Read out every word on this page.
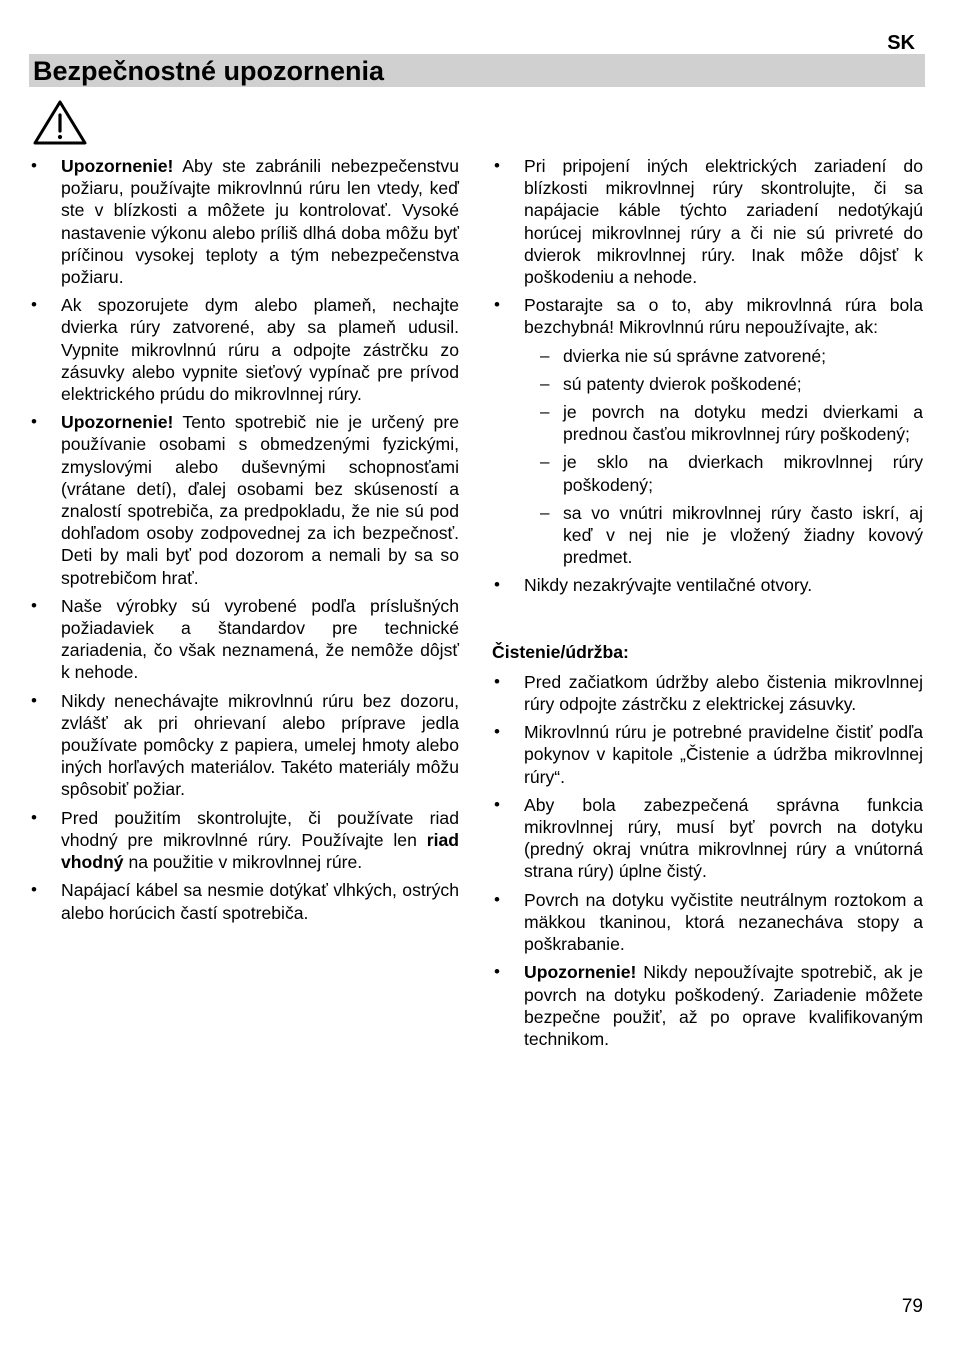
SK
Bezpečnostné upozornenia
• Upozornenie! Aby ste zabránili nebezpečenstvu požiaru, používajte mikrovlnnú rúru len vtedy, keď ste v blízkosti a môžete ju kontrolovať. Vysoké nastavenie výkonu alebo príliš dlhá doba môžu byť príčinou vysokej teploty a tým nebezpečenstva požiaru.
• Ak spozorujete dym alebo plameň, nechajte dvierka rúry zatvorené, aby sa plameň udusil. Vypnite mikrovlnnú rúru a odpojte zástrčku zo zásuvky alebo vypnite sieťový vypínač pre prívod elektrického prúdu do mikrovlnnej rúry.
• Upozornenie! Tento spotrebič nie je určený pre používanie osobami s obmedzenými fyzickými, zmyslovými alebo duševnými schopnosťami (vrátane detí), ďalej osobami bez skúseností a znalostí spotrebiča, za predpokladu, že nie sú pod dohľadom osoby zodpovednej za ich bezpečnosť. Deti by mali byť pod dozorom a nemali by sa so spotrebičom hrať.
• Naše výrobky sú vyrobené podľa príslušných požiadaviek a štandardov pre technické zariadenia, čo však neznamená, že nemôže dôjsť k nehode.
• Nikdy nenechávajte mikrovlnnú rúru bez dozoru, zvlášť ak pri ohrievaní alebo príprave jedla používate pomôcky z papiera, umelej hmoty alebo iných horľavých materiálov. Takéto materiály môžu spôsobiť požiar.
• Pred použitím skontrolujte, či používate riad vhodný pre mikrovlnné rúry. Používajte len riad vhodný na použitie v mikrovlnnej rúre.
• Napájací kábel sa nesmie dotýkať vlhkých, ostrých alebo horúcich častí spotrebiča.
• Pri pripojení iných elektrických zariadení do blízkosti mikrovlnnej rúry skontrolujte, či sa napájacie káble týchto zariadení nedotýkajú horúcej mikrovlnnej rúry a či nie sú privreté do dvierok mikrovlnnej rúry. Inak môže dôjsť k poškodeniu a nehode.
• Postarajte sa o to, aby mikrovlnná rúra bola bezchybná! Mikrovlnnú rúru nepoužívajte, ak:
– dvierka nie sú správne zatvorené;
– sú patenty dvierok poškodené;
– je povrch na dotyku medzi dvierkami a prednou časťou mikrovlnnej rúry poškodený;
– je sklo na dvierkach mikrovlnnej rúry poškodený;
– sa vo vnútri mikrovlnnej rúry často iskrí, aj keď v nej nie je vložený žiadny kovový predmet.
• Nikdy nezakrývajte ventilačné otvory.
Čistenie/údržba:
• Pred začiatkom údržby alebo čistenia mikrovlnnej rúry odpojte zástrčku z elektrickej zásuvky.
• Mikrovlnnú rúru je potrebné pravidelne čistiť podľa pokynov v kapitole „Čistenie a údržba mikrovlnnej rúry“.
• Aby bola zabezpečená správna funkcia mikrovlnnej rúry, musí byť povrch na dotyku (predný okraj vnútra mikrovlnnej rúry a vnútorná strana rúry) úplne čistý.
• Povrch na dotyku vyčistite neutrálnym roztokom a mäkkou tkaninou, ktorá nezanecháva stopy a poškrabanie.
• Upozornenie! Nikdy nepoužívajte spotrebič, ak je povrch na dotyku poškodený. Zariadenie môžete bezpečne použiť, až po oprave kvalifikovaným technikom.
79
